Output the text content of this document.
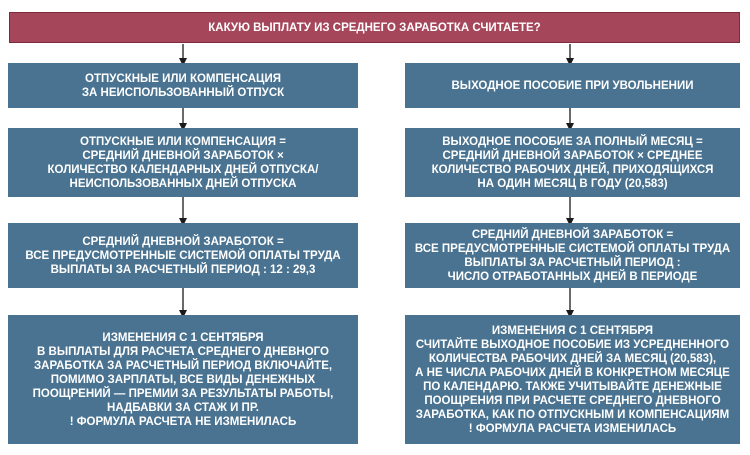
КАКУЮ ВЫПЛАТУ ИЗ СРЕДНЕГО ЗАРАБОТКА СЧИТАЕТЕ?
ОТПУСКНЫЕ ИЛИ КОМПЕНСАЦИЯ
ЗА НЕИСПОЛЬЗОВАННЫЙ ОТПУСК
ОТПУСКНЫЕ ИЛИ КОМПЕНСАЦИЯ =
СРЕДНИЙ ДНЕВНОЙ ЗАРАБОТОК ×
КОЛИЧЕСТВО КАЛЕНДАРНЫХ ДНЕЙ ОТПУСКА/
НЕИСПОЛЬЗОВАННЫХ ДНЕЙ ОТПУСКА
СРЕДНИЙ ДНЕВНОЙ ЗАРАБОТОК =
ВСЕ ПРЕДУСМОТРЕННЫЕ СИСТЕМОЙ ОПЛАТЫ ТРУДА
ВЫПЛАТЫ ЗА РАСЧЕТНЫЙ ПЕРИОД : 12 : 29,3
ИЗМЕНЕНИЯ С 1 СЕНТЯБРЯ
В ВЫПЛАТЫ ДЛЯ РАСЧЕТА СРЕДНЕГО ДНЕВНОГО
ЗАРАБОТКА ЗА РАСЧЕТНЫЙ ПЕРИОД ВКЛЮЧАЙТЕ,
ПОМИМО ЗАРПЛАТЫ, ВСЕ ВИДЫ ДЕНЕЖНЫХ
ПООЩРЕНИЙ — ПРЕМИИ ЗА РЕЗУЛЬТАТЫ РАБОТЫ,
НАДБАВКИ ЗА СТАЖ И ПР.
! ФОРМУЛА РАСЧЕТА НЕ ИЗМЕНИЛАСЬ
ВЫХОДНОЕ ПОСОБИЕ ПРИ УВОЛЬНЕНИИ
ВЫХОДНОЕ ПОСОБИЕ ЗА ПОЛНЫЙ МЕСЯЦ =
СРЕДНИЙ ДНЕВНОЙ ЗАРАБОТОК × СРЕДНЕЕ
КОЛИЧЕСТВО РАБОЧИХ ДНЕЙ, ПРИХОДЯЩИХСЯ
НА ОДИН МЕСЯЦ В ГОДУ (20,583)
СРЕДНИЙ ДНЕВНОЙ ЗАРАБОТОК =
ВСЕ ПРЕДУСМОТРЕННЫЕ СИСТЕМОЙ ОПЛАТЫ ТРУДА
ВЫПЛАТЫ ЗА РАСЧЕТНЫЙ ПЕРИОД :
ЧИСЛО ОТРАБОТАННЫХ ДНЕЙ В ПЕРИОДЕ
ИЗМЕНЕНИЯ С 1 СЕНТЯБРЯ
СЧИТАЙТЕ ВЫХОДНОЕ ПОСОБИЕ ИЗ УСРЕДНЕННОГО
КОЛИЧЕСТВА РАБОЧИХ ДНЕЙ ЗА МЕСЯЦ (20,583),
А НЕ ЧИСЛА РАБОЧИХ ДНЕЙ В КОНКРЕТНОМ МЕСЯЦЕ
ПО КАЛЕНДАРЮ. ТАКЖЕ УЧИТЫВАЙТЕ ДЕНЕЖНЫЕ
ПООЩРЕНИЯ ПРИ РАСЧЕТЕ СРЕДНЕГО ДНЕВНОГО
ЗАРАБОТКА, КАК ПО ОТПУСКНЫМ И КОМПЕНСАЦИЯМ
! ФОРМУЛА РАСЧЕТА ИЗМЕНИЛАСЬ
